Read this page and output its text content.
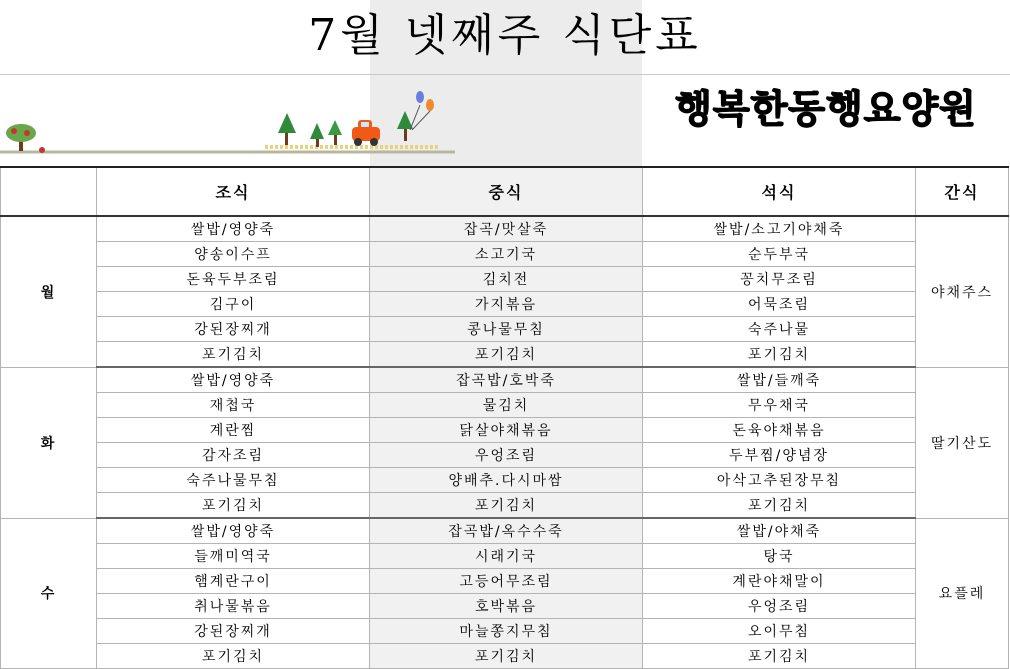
7월 넷째주 식단표
행복한동행요양원
	조식	중식	석식	간식
월	쌀밥/영양죽	잡곡/맛살죽	쌀밥/소고기야채죽	야채주스
	양송이수프	소고기국	순두부국	
	돈육두부조림	김치전	꽁치무조림	
	김구이	가지볶음	어묵조림	
	강된장찌개	콩나물무침	숙주나물	
	포기김치	포기김치	포기김치	
화	쌀밥/영양죽	잡곡밥/호박죽	쌀밥/들깨죽	딸기산도
	재첩국	물김치	무우채국	
	계란찜	닭살야채볶음	돈육야채볶음	
	감자조림	우엉조림	두부찜/양념장	
	숙주나물무침	양배추.다시마쌈	아삭고추된장무침	
	포기김치	포기김치	포기김치	
수	쌀밥/영양죽	잡곡밥/옥수수죽	쌀밥/야채죽	요플레
	들깨미역국	시래기국	탕국	
	햄계란구이	고등어무조림	계란야채말이	
	취나물볶음	호박볶음	우엉조림	
	강된장찌개	마늘쫑지무침	오이무침	
	포기김치	포기김치	포기김치	
